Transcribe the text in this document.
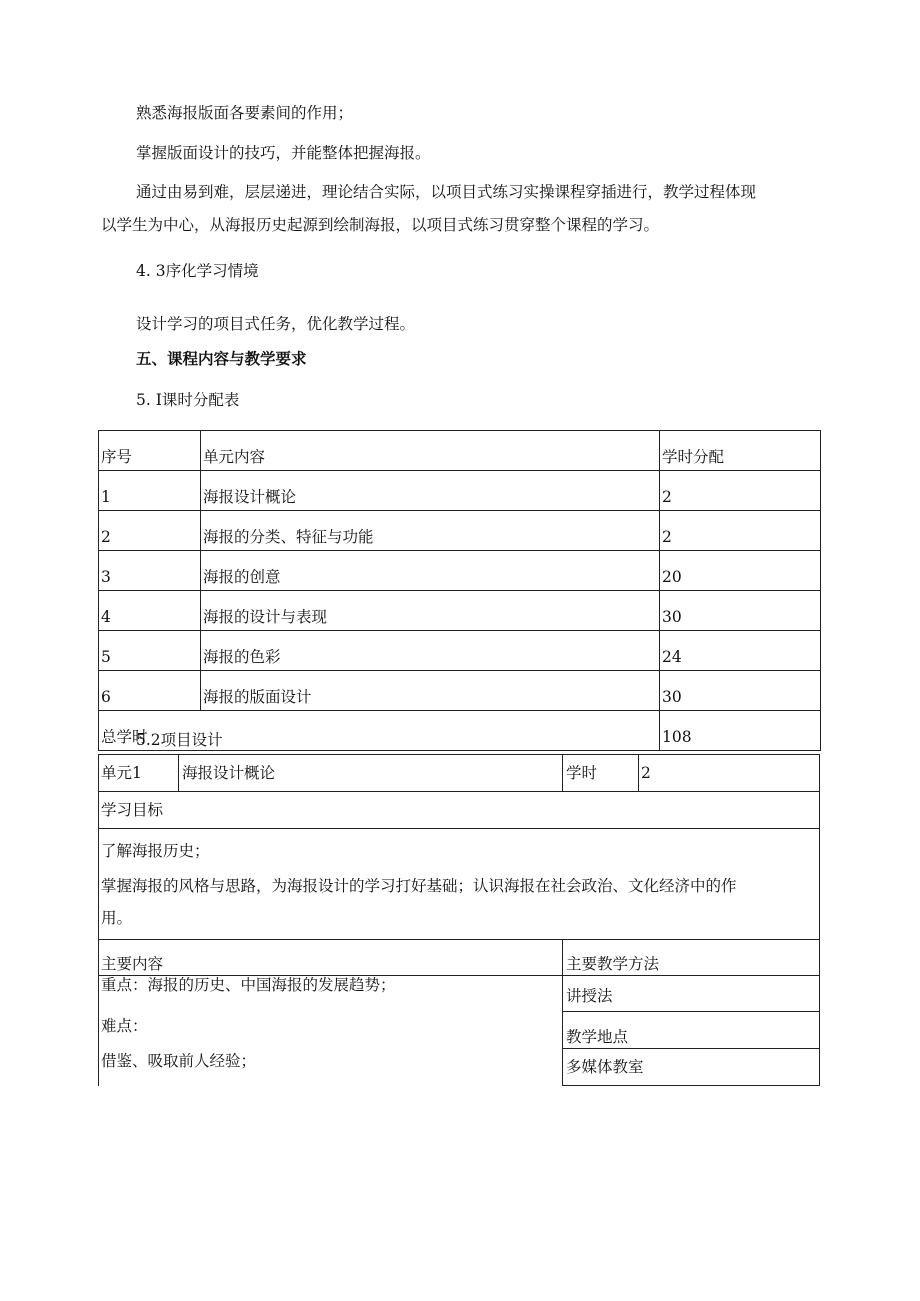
熟悉海报版面各要素间的作用；
掌握版面设计的技巧，并能整体把握海报。
通过由易到难，层层递进，理论结合实际，以项目式练习实操课程穿插进行，教学过程体现
以学生为中心，从海报历史起源到绘制海报，以项目式练习贯穿整个课程的学习。
4. 3序化学习情境
设计学习的项目式任务，优化教学过程。
五、课程内容与教学要求
5. I课时分配表
序号	单元内容	学时分配
1	海报设计概论	2
2	海报的分类、特征与功能	2
3	海报的创意	20
4	海报的设计与表现	30
5	海报的色彩	24
6	海报的版面设计	30
总学时		108
5.2项目设计
单元1	海报设计概论	学时	2
学习目标
了解海报历史；
掌握海报的风格与思路，为海报设计的学习打好基础；认识海报在社会政治、文化经济中的作
用。
主要内容	主要教学方法
重点：海报的历史、中国海报的发展趋势；
难点：
借鉴、吸取前人经验；
讲授法
教学地点
多媒体教室
